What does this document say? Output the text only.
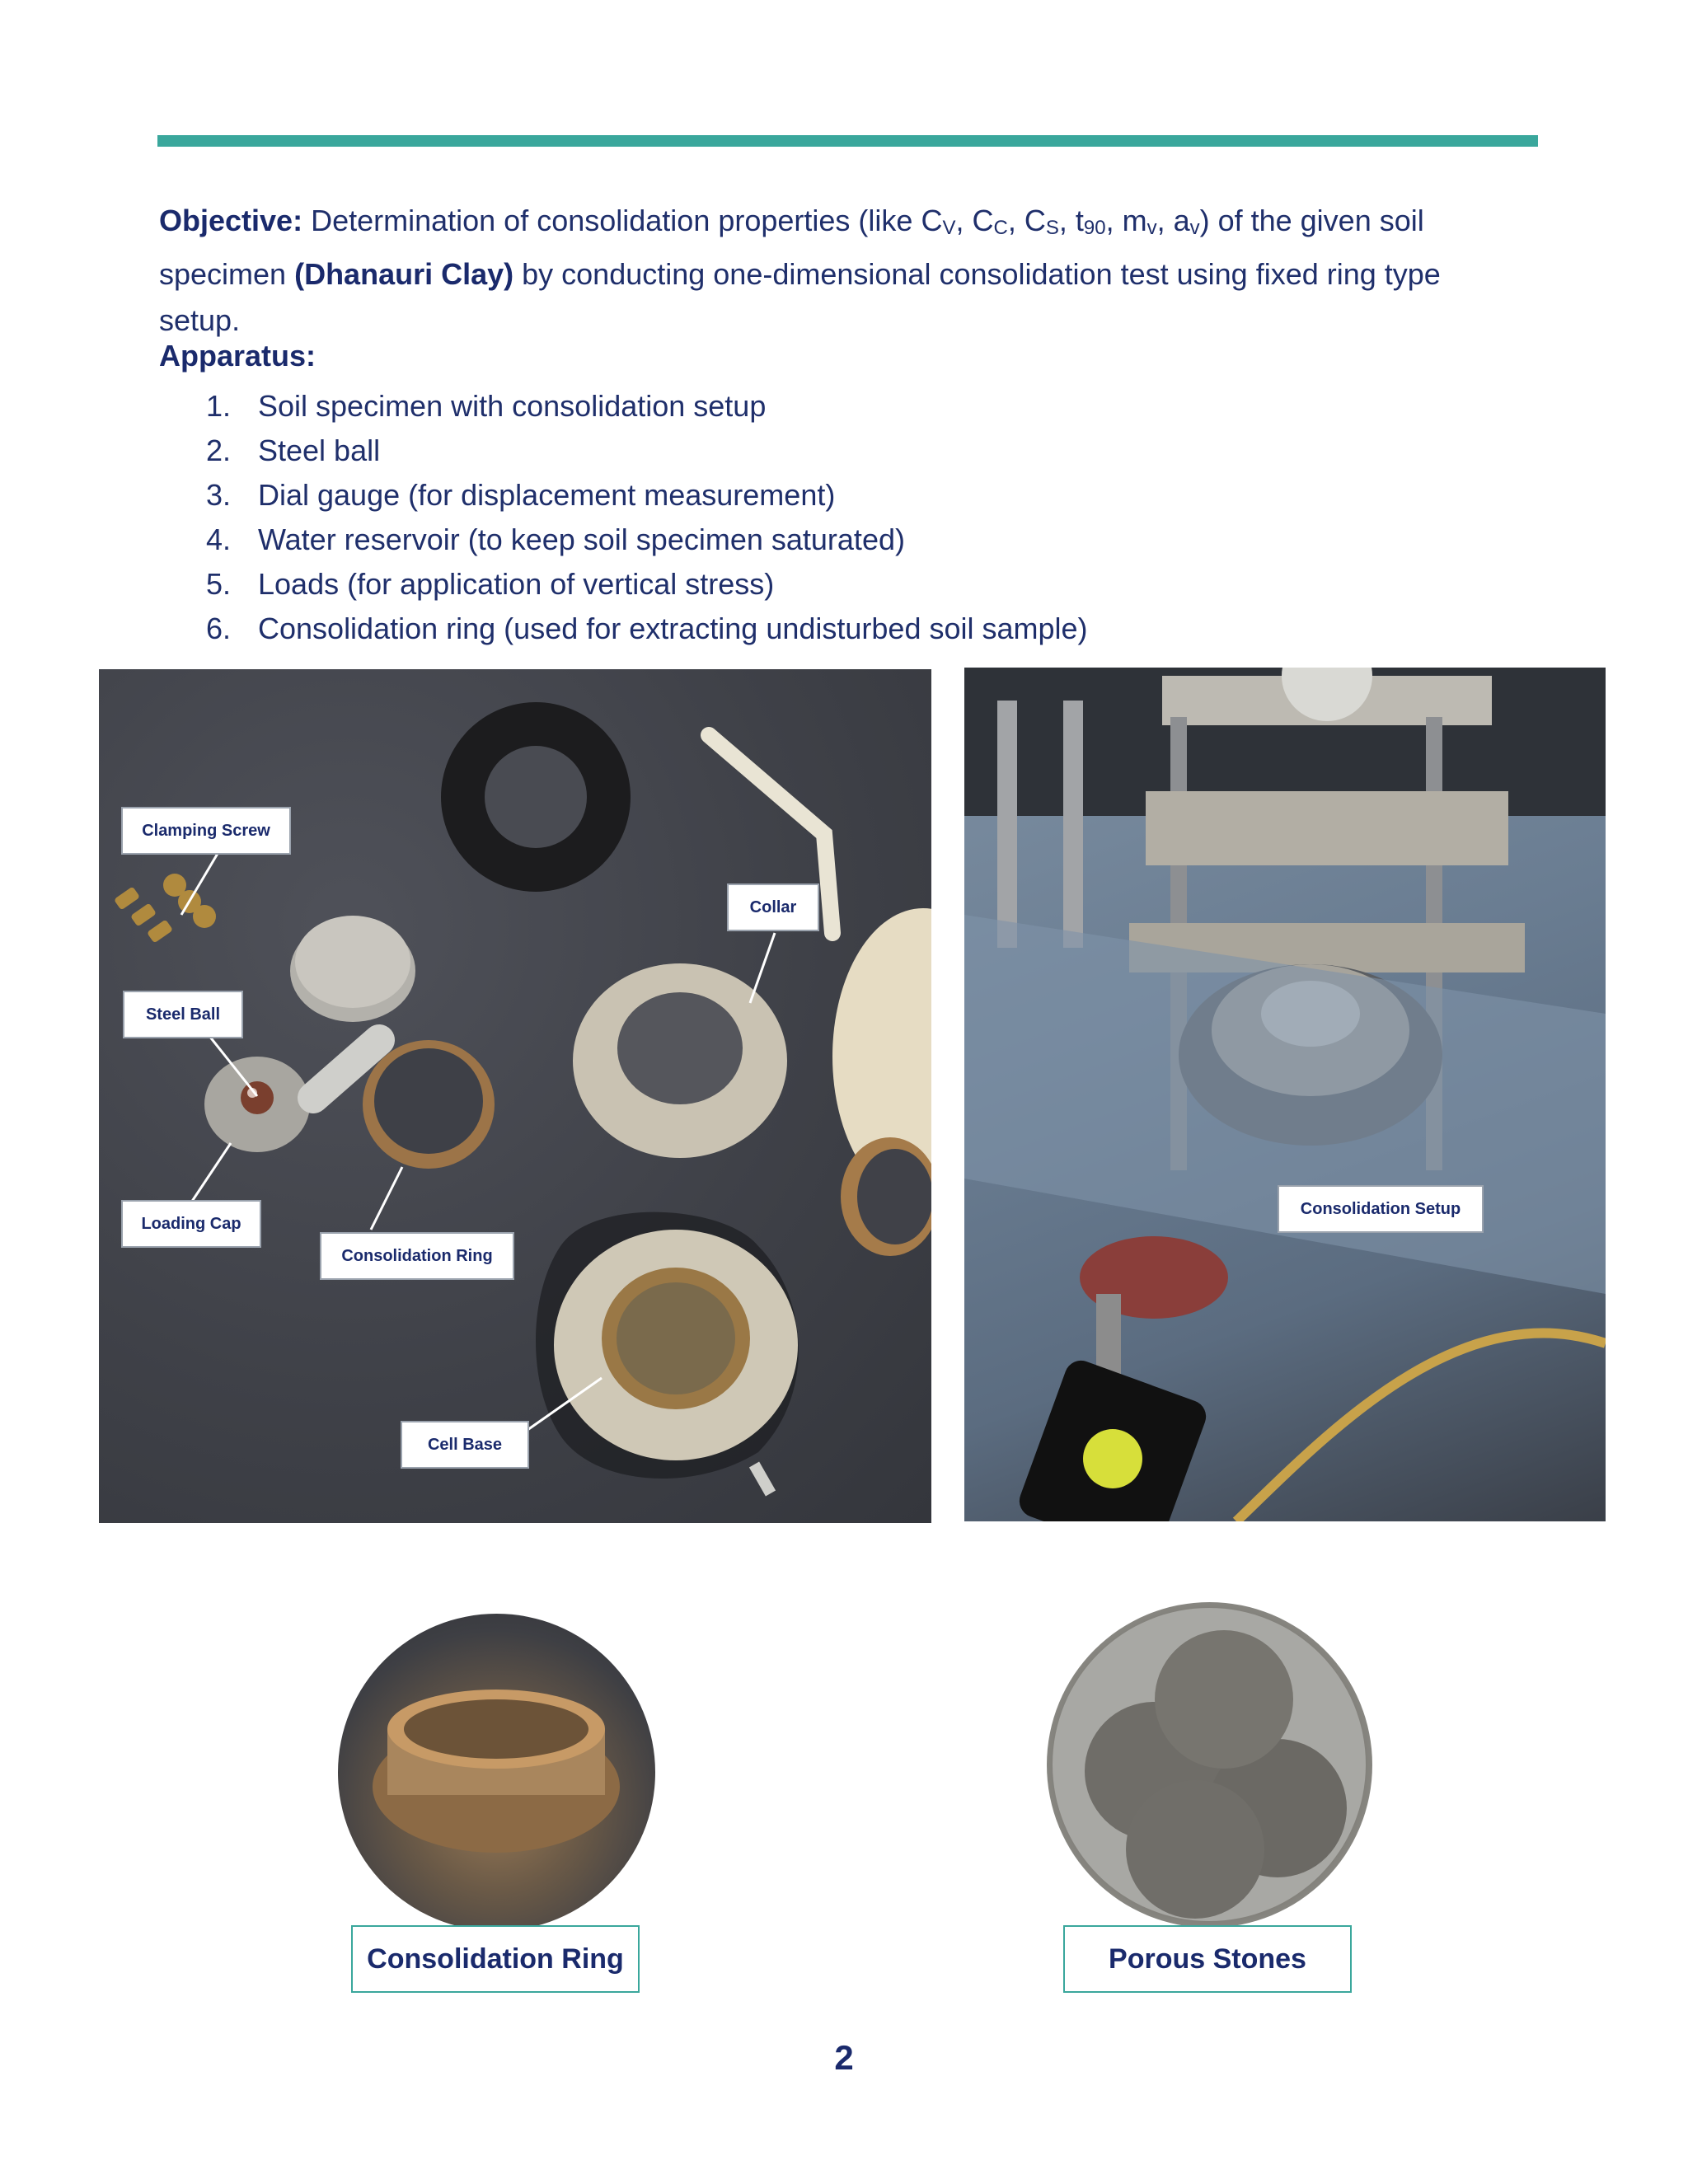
Objective: Determination of consolidation properties (like $C_V$, $C_C$, $C_S$, $t_{90}$, $m_v$, $a_v$) of the given soil specimen (Dhanauri Clay) by conducting one-dimensional consolidation test using fixed ring type setup.
Apparatus:
1. Soil specimen with consolidation setup
2. Steel ball
3. Dial gauge (for displacement measurement)
4. Water reservoir (to keep soil specimen saturated)
5. Loads (for application of vertical stress)
6. Consolidation ring (used for extracting undisturbed soil sample)
Clamping Screw
Collar
Steel Ball
Loading Cap
Consolidation Ring
Cell Base
Consolidation Setup
Consolidation Ring	Porous Stones
2
